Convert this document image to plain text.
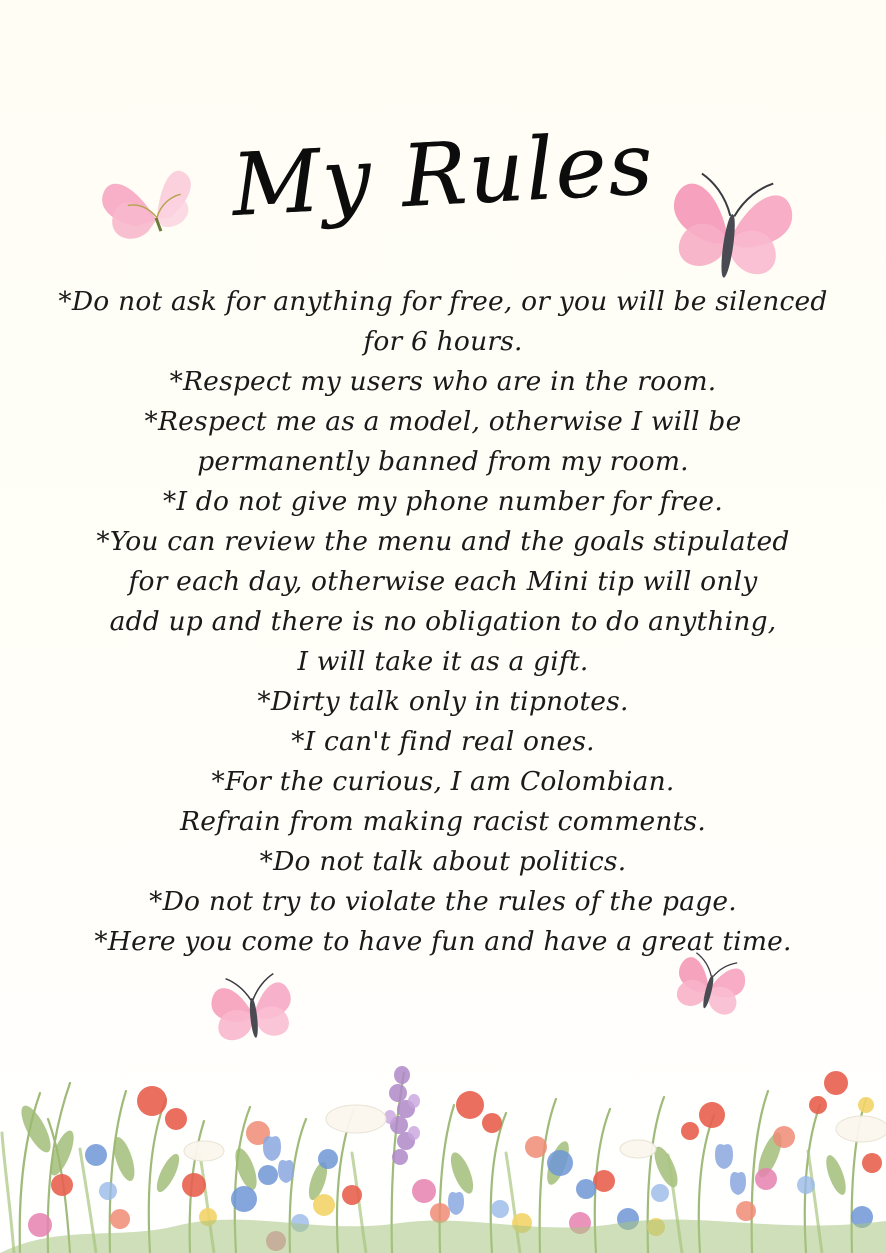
My Rules
*Do not ask for anything for free, or you will be silenced
for 6 hours.
*Respect my users who are in the room.
*Respect me as a model, otherwise I will be
permanently banned from my room.
*I do not give my phone number for free.
*You can review the menu and the goals stipulated
for each day, otherwise each Mini tip will only
add up and there is no obligation to do anything,
I will take it as a gift.
*Dirty talk only in tipnotes.
*I can't find real ones.
*For the curious, I am Colombian.
Refrain from making racist comments.
*Do not talk about politics.
*Do not try to violate the rules of the page.
*Here you come to have fun and have a great time.
